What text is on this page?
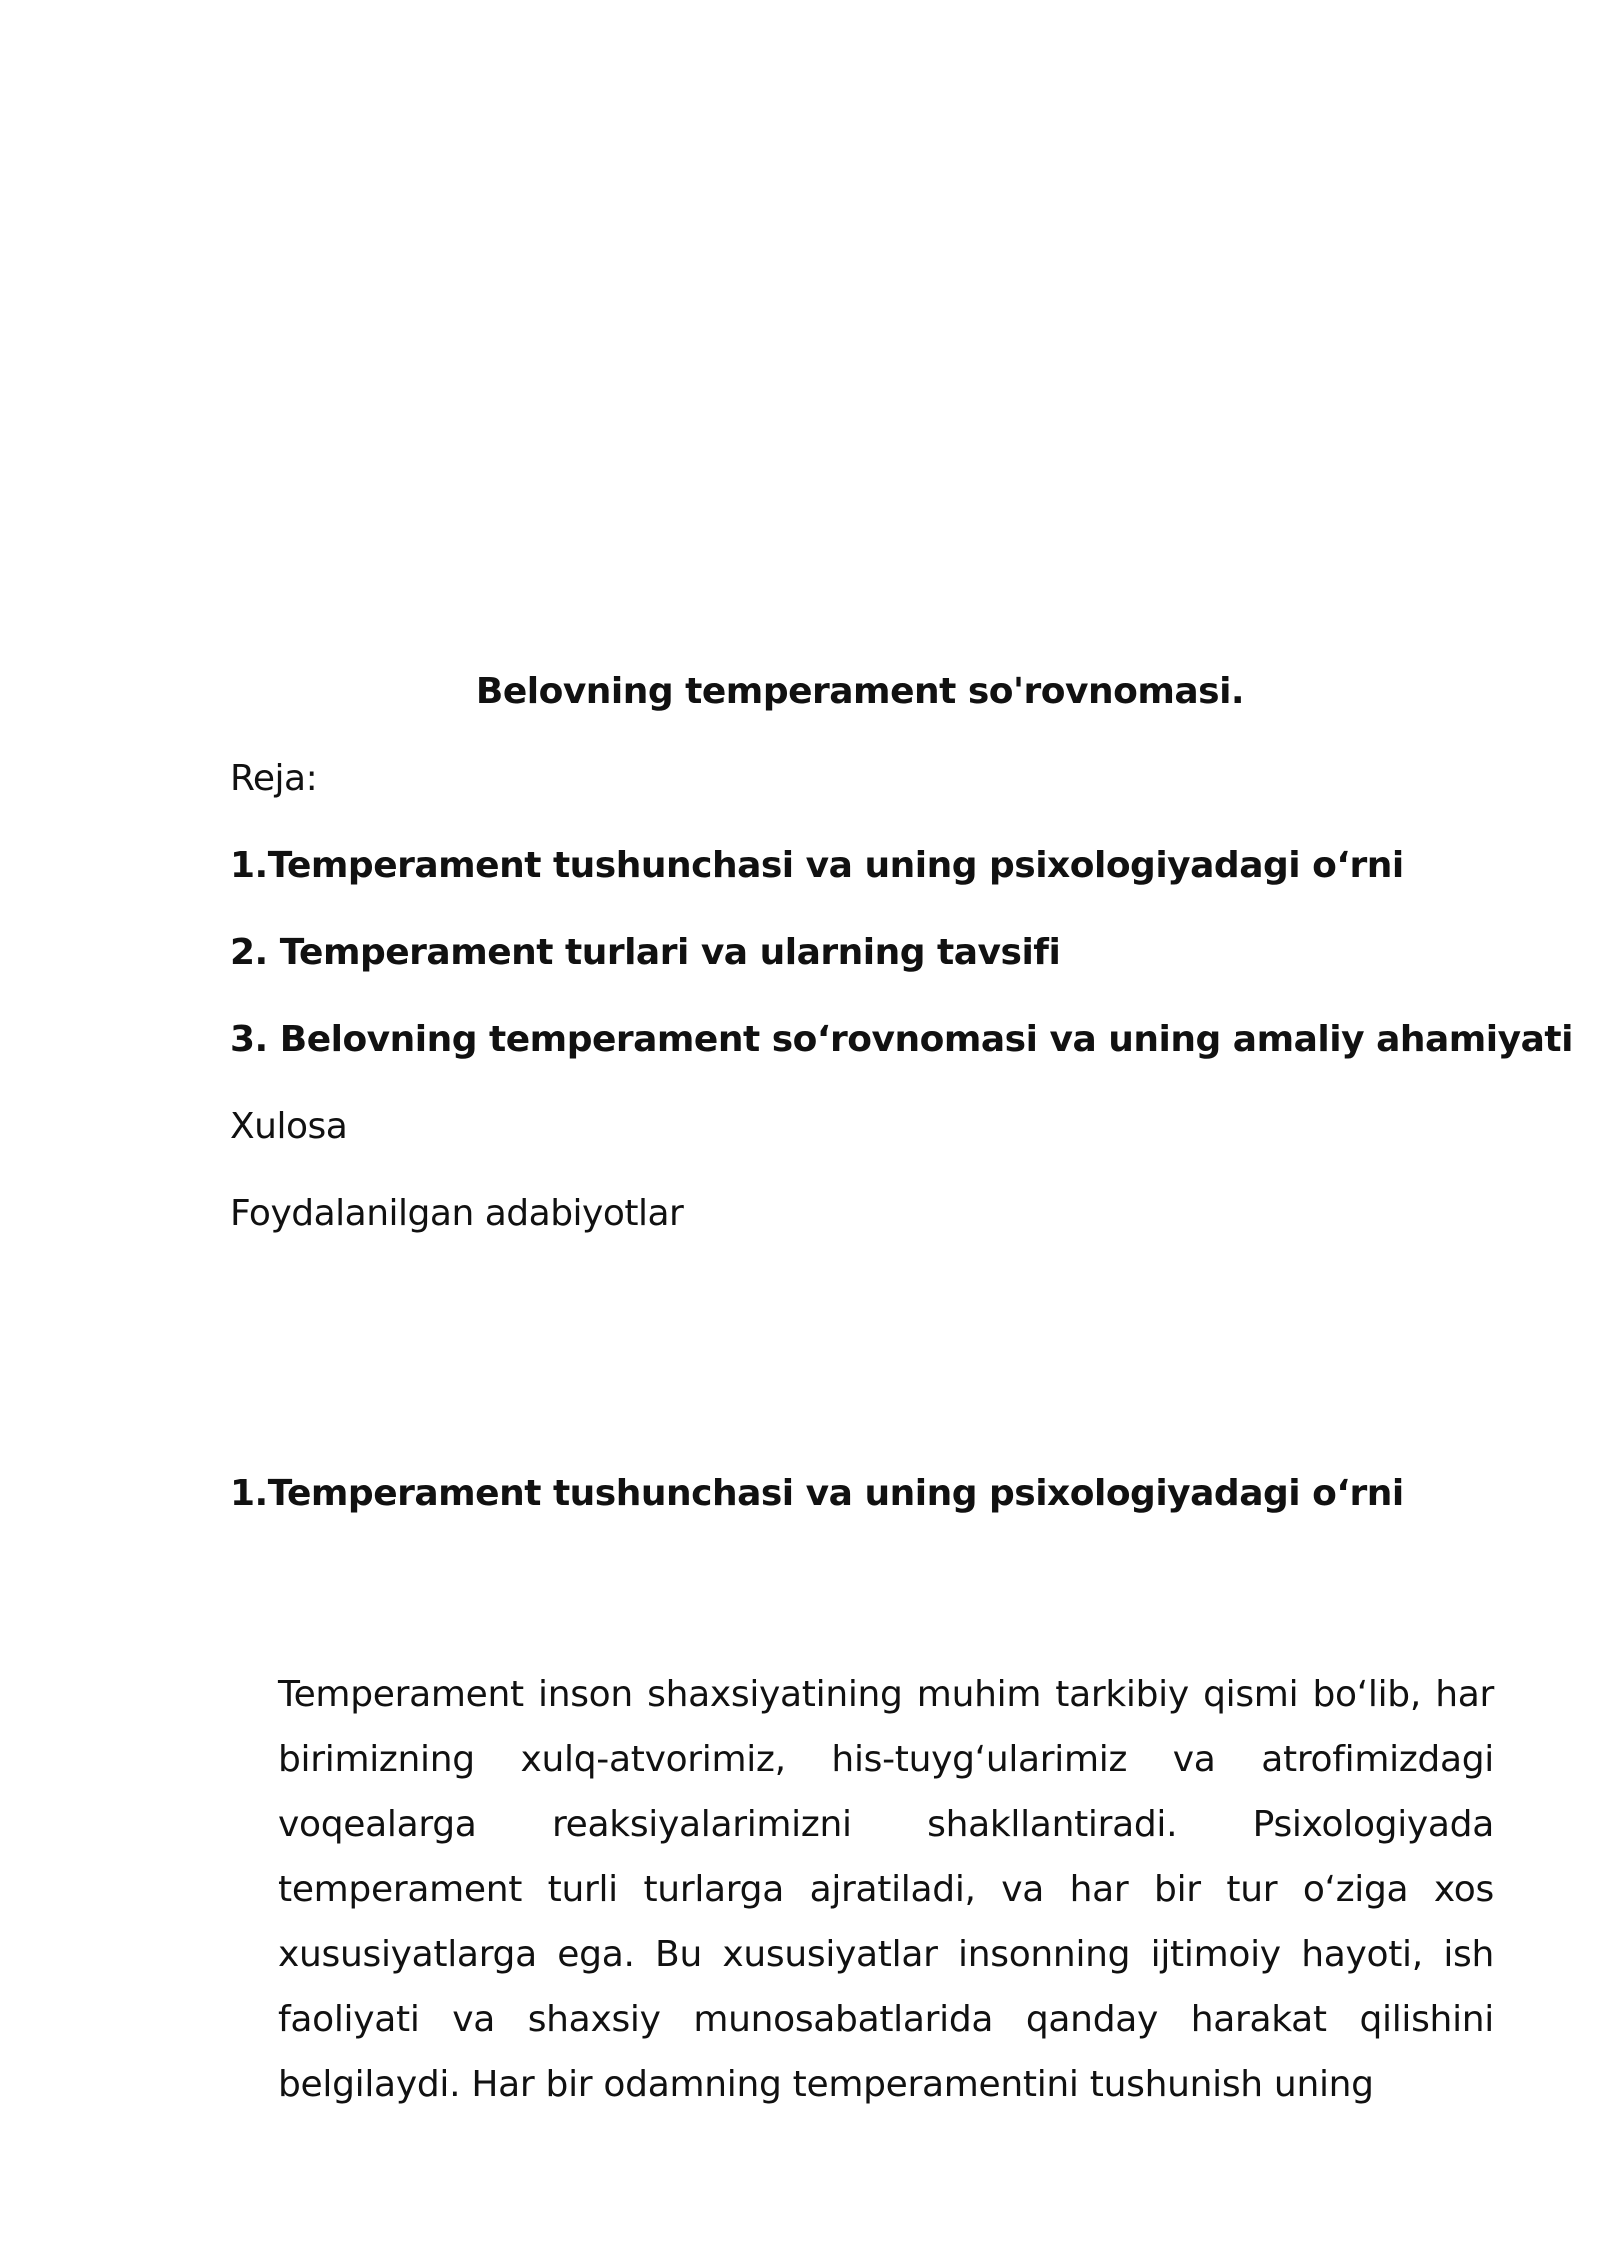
Belovning temperament so'rovnomasi.
Reja:
1.Temperament tushunchasi va uning psixologiyadagi o‘rni
2. Temperament turlari va ularning tavsifi
3. Belovning temperament so‘rovnomasi va uning amaliy ahamiyati
Xulosa
Foydalanilgan adabiyotlar
1.Temperament tushunchasi va uning psixologiyadagi o‘rni

Temperament inson shaxsiyatining muhim tarkibiy qismi bo‘lib, har birimizning xulq-atvorimiz, his-tuyg‘ularimiz va atrofimizdagi voqealarga reaksiyalarimizni shakllantiradi. Psixologiyada temperament turli turlarga ajratiladi, va har bir tur o‘ziga xos xususiyatlarga ega. Bu xususiyatlar insonning ijtimoiy hayoti, ish faoliyati va shaxsiy munosabatlarida qanday harakat qilishini belgilaydi. Har bir odamning temperamentini tushunish uning
